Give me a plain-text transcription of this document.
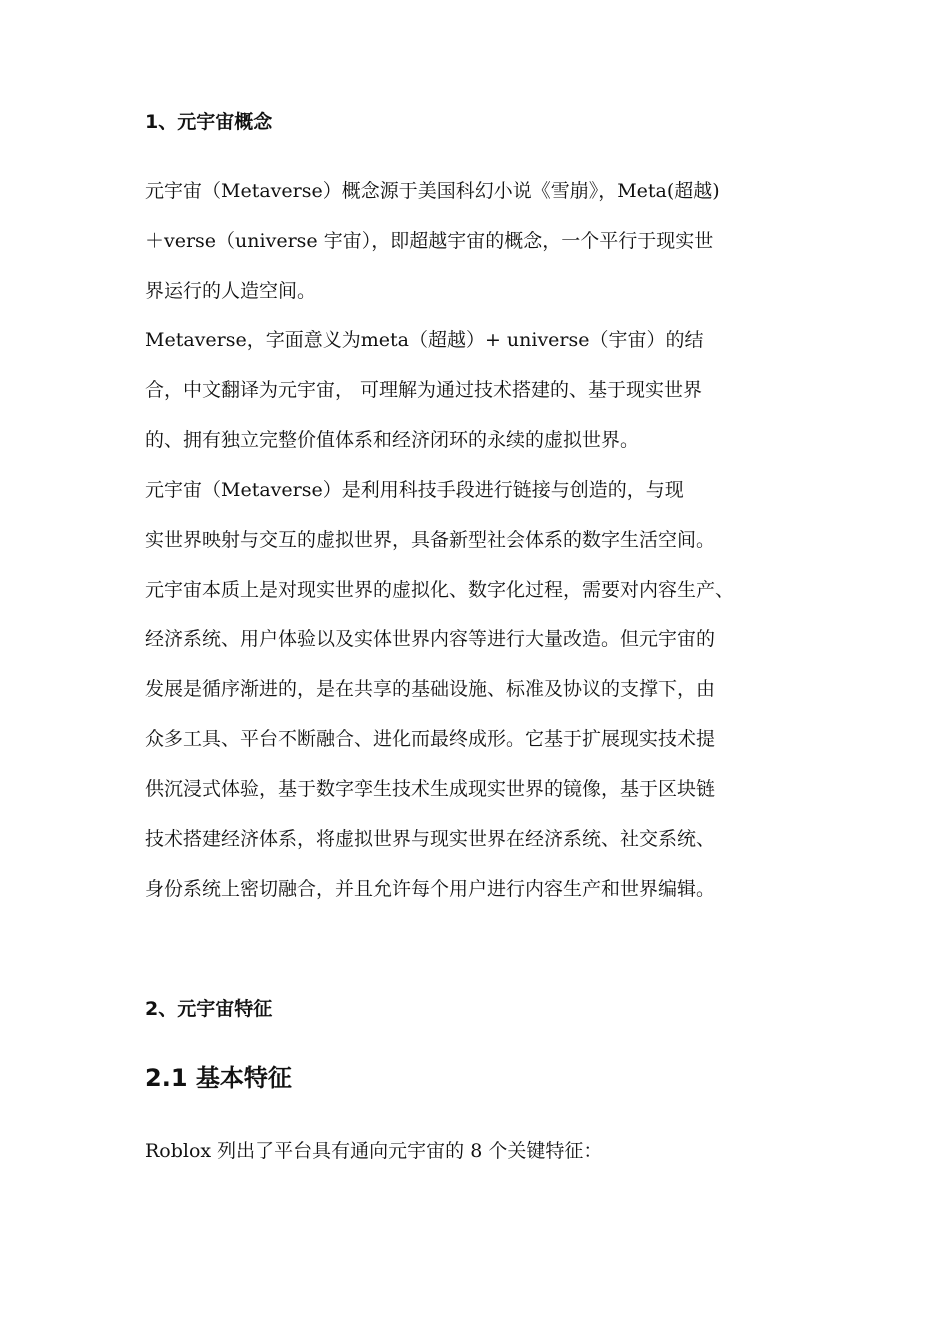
1、元宇宙概念
元宇宙（Metaverse）概念源于美国科幻小说《雪崩》，Meta(超越)
＋verse（universe 宇宙），即超越宇宙的概念，一个平行于现实世
界运行的人造空间。
Metaverse，字面意义为meta（超越）+ universe（宇宙）的结
合，中文翻译为元宇宙， 可理解为通过技术搭建的、基于现实世界
的、拥有独立完整价值体系和经济闭环的永续的虚拟世界。
元宇宙（Metaverse）是利用科技手段进行链接与创造的，与现
实世界映射与交互的虚拟世界，具备新型社会体系的数字生活空间。
元宇宙本质上是对现实世界的虚拟化、数字化过程，需要对内容生产、
经济系统、用户体验以及实体世界内容等进行大量改造。但元宇宙的
发展是循序渐进的，是在共享的基础设施、标准及协议的支撑下，由
众多工具、平台不断融合、进化而最终成形。它基于扩展现实技术提
供沉浸式体验，基于数字孪生技术生成现实世界的镜像，基于区块链
技术搭建经济体系，将虚拟世界与现实世界在经济系统、社交系统、
身份系统上密切融合，并且允许每个用户进行内容生产和世界编辑。
2、元宇宙特征
2.1 基本特征
Roblox 列出了平台具有通向元宇宙的 8 个关键特征：
